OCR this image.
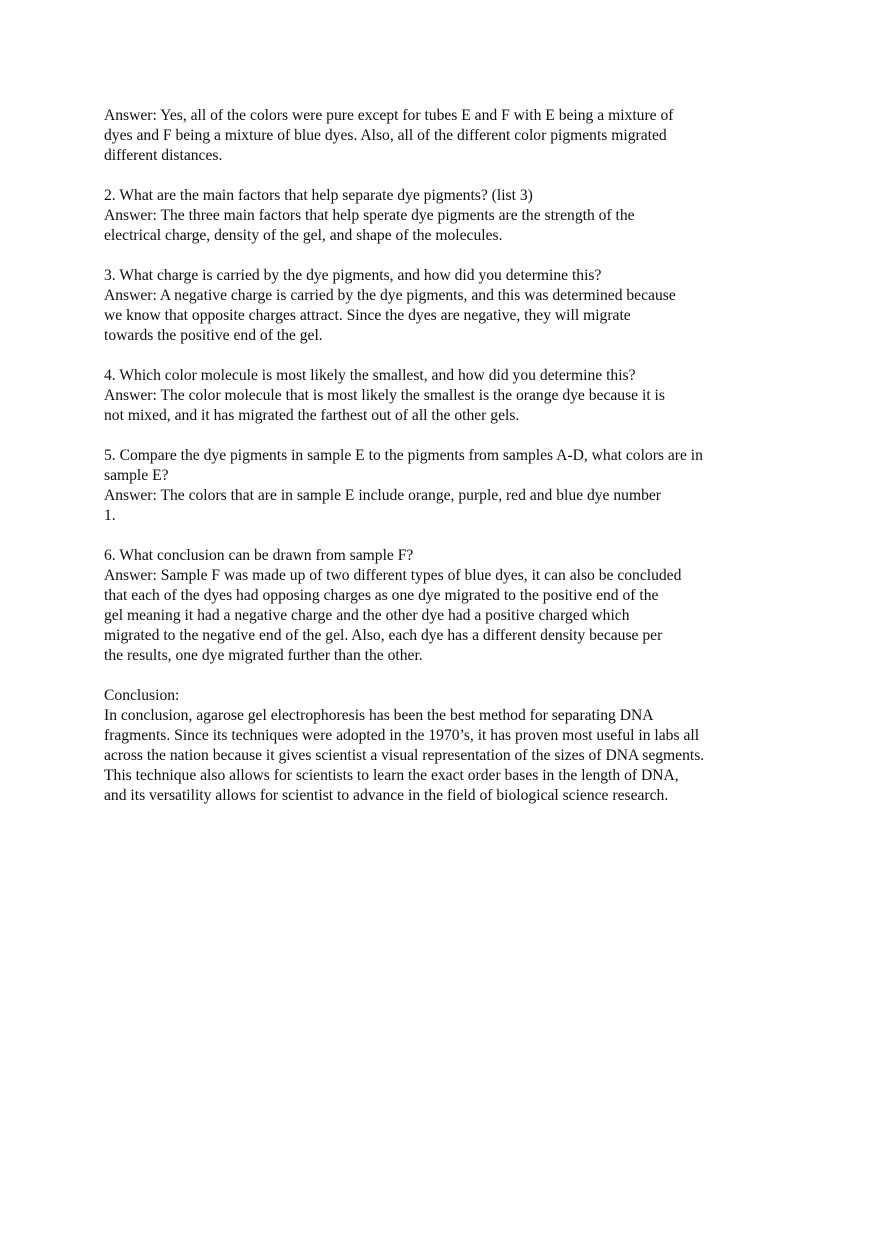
Answer: Yes, all of the colors were pure except for tubes E and F with E being a mixture of
dyes and F being a mixture of blue dyes. Also, all of the different color pigments migrated
different distances.
2. What are the main factors that help separate dye pigments? (list 3)
Answer: The three main factors that help sperate dye pigments are the strength of the
electrical charge, density of the gel, and shape of the molecules.
3. What charge is carried by the dye pigments, and how did you determine this?
Answer: A negative charge is carried by the dye pigments, and this was determined because
we know that opposite charges attract. Since the dyes are negative, they will migrate
towards the positive end of the gel.
4. Which color molecule is most likely the smallest, and how did you determine this?
Answer: The color molecule that is most likely the smallest is the orange dye because it is
not mixed, and it has migrated the farthest out of all the other gels.
5. Compare the dye pigments in sample E to the pigments from samples A-D, what colors are in
sample E?
Answer: The colors that are in sample E include orange, purple, red and blue dye number
1.
6. What conclusion can be drawn from sample F?
Answer: Sample F was made up of two different types of blue dyes, it can also be concluded
that each of the dyes had opposing charges as one dye migrated to the positive end of the
gel meaning it had a negative charge and the other dye had a positive charged which
migrated to the negative end of the gel. Also, each dye has a different density because per
the results, one dye migrated further than the other.
Conclusion:
In conclusion, agarose gel electrophoresis has been the best method for separating DNA
fragments. Since its techniques were adopted in the 1970’s, it has proven most useful in labs all
across the nation because it gives scientist a visual representation of the sizes of DNA segments.
This technique also allows for scientists to learn the exact order bases in the length of DNA,
and its versatility allows for scientist to advance in the field of biological science research.
